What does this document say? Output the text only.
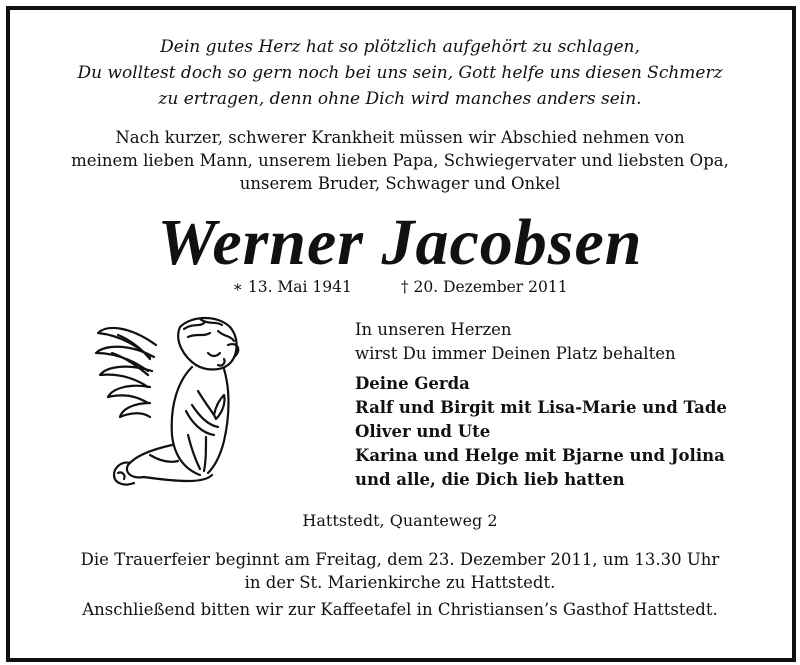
Dein gutes Herz hat so plötzlich aufgehört zu schlagen,
Du wolltest doch so gern noch bei uns sein, Gott helfe uns diesen Schmerz
zu ertragen, denn ohne Dich wird manches anders sein.
Nach kurzer, schwerer Krankheit müssen wir Abschied nehmen von
meinem lieben Mann, unserem lieben Papa, Schwiegervater und liebsten Opa,
unserem Bruder, Schwager und Onkel
Werner Jacobsen
∗ 13. Mai 1941	† 20. Dezember 2011
In unseren Herzen
wirst Du immer Deinen Platz behalten
Deine Gerda
Ralf und Birgit mit Lisa-Marie und Tade
Oliver und Ute
Karina und Helge mit Bjarne und Jolina
und alle, die Dich lieb hatten
Hattstedt, Quanteweg 2
Die Trauerfeier beginnt am Freitag, dem 23. Dezember 2011, um 13.30 Uhr
in der St. Marienkirche zu Hattstedt.
Anschließend bitten wir zur Kaffeetafel in Christiansen’s Gasthof Hattstedt.
